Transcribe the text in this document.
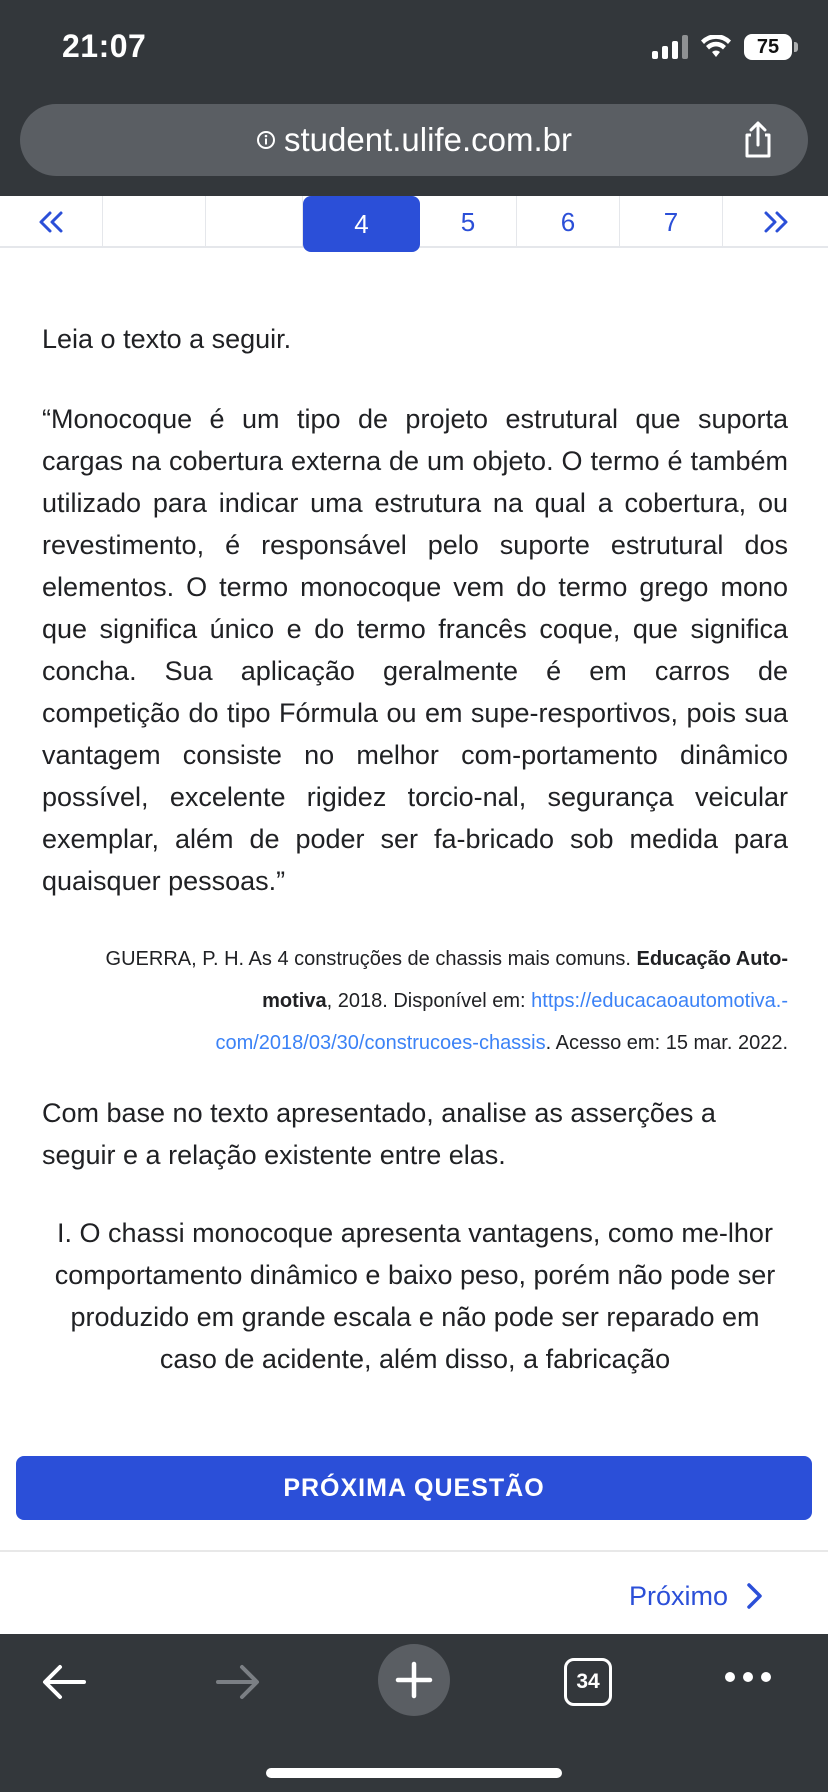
21:07	75
student.ulife.com.br
4	5	6	7

Leia o texto a seguir.

“Monocoque é um tipo de projeto estrutural que suporta cargas na cobertura externa de um objeto. O termo é também utilizado para indicar uma estrutura na qual a cobertura, ou revestimento, é responsável pelo suporte estrutural dos elementos. O termo monocoque vem do termo grego mono que significa único e do termo francês coque, que significa concha. Sua aplicação geralmente é em carros de competição do tipo Fórmula ou em supe-resportivos, pois sua vantagem consiste no melhor com-portamento dinâmico possível, excelente rigidez torcio-nal, segurança veicular exemplar, além de poder ser fa-bricado sob medida para quaisquer pessoas.”

GUERRA, P. H. As 4 construções de chassis mais comuns. Educação Auto-motiva, 2018. Disponível em: https://educacaoautomotiva.-com/2018/03/30/construcoes-chassis. Acesso em: 15 mar. 2022.

Com base no texto apresentado, analise as asserções a seguir e a relação existente entre elas.

I. O chassi monocoque apresenta vantagens, como me-lhor comportamento dinâmico e baixo peso, porém não pode ser produzido em grande escala e não pode ser reparado em caso de acidente, além disso, a fabricação

PRÓXIMA QUESTÃO
Próximo
34
